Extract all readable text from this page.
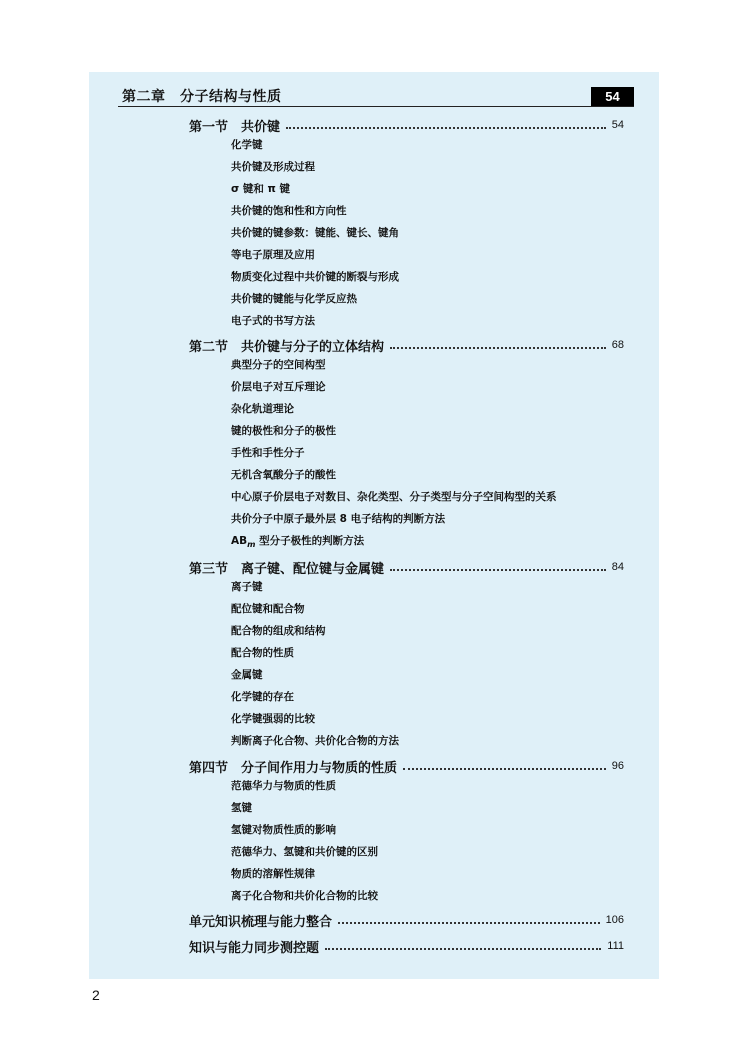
第二章　分子结构与性质	54
第一节　共价键	54
化学键
共价键及形成过程
σ 键和 π 键
共价键的饱和性和方向性
共价键的键参数：键能、键长、键角
等电子原理及应用
物质变化过程中共价键的断裂与形成
共价键的键能与化学反应热
电子式的书写方法
第二节　共价键与分子的立体结构	68
典型分子的空间构型
价层电子对互斥理论
杂化轨道理论
键的极性和分子的极性
手性和手性分子
无机含氧酸分子的酸性
中心原子价层电子对数目、杂化类型、分子类型与分子空间构型的关系
共价分子中原子最外层 8 电子结构的判断方法
$AB_m$ 型分子极性的判断方法
第三节　离子键、配位键与金属键	84
离子键
配位键和配合物
配合物的组成和结构
配合物的性质
金属键
化学键的存在
化学键强弱的比较
判断离子化合物、共价化合物的方法
第四节　分子间作用力与物质的性质	96
范德华力与物质的性质
氢键
氢键对物质性质的影响
范德华力、氢键和共价键的区别
物质的溶解性规律
离子化合物和共价化合物的比较
单元知识梳理与能力整合	106
知识与能力同步测控题	111
2
